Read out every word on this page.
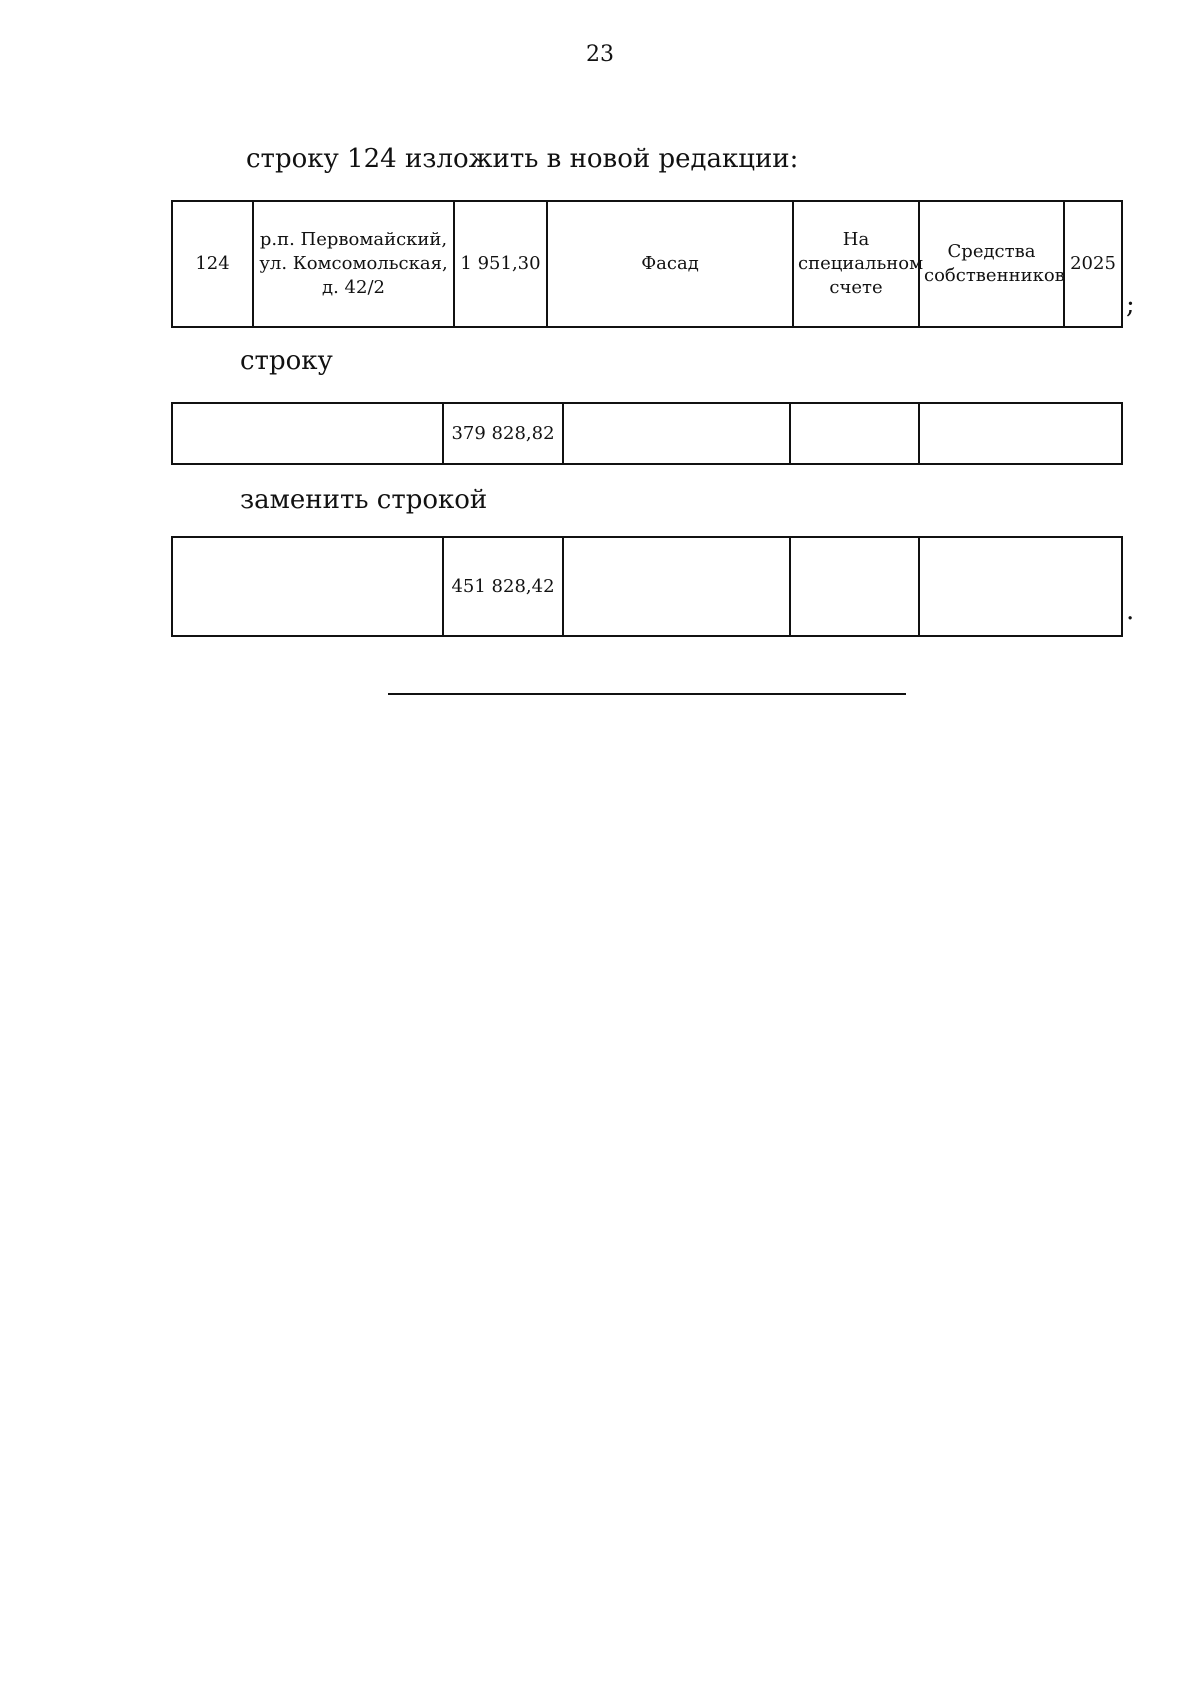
23
строку 124 изложить в новой редакции:
124	р.п. Первомайский,
ул. Комсомольская,
д. 42/2	1 951,30	Фасад	На
специальном
счете	Средства
собственников	2025
;
строку
	379 828,82			
заменить строкой
	451 828,42			
.
